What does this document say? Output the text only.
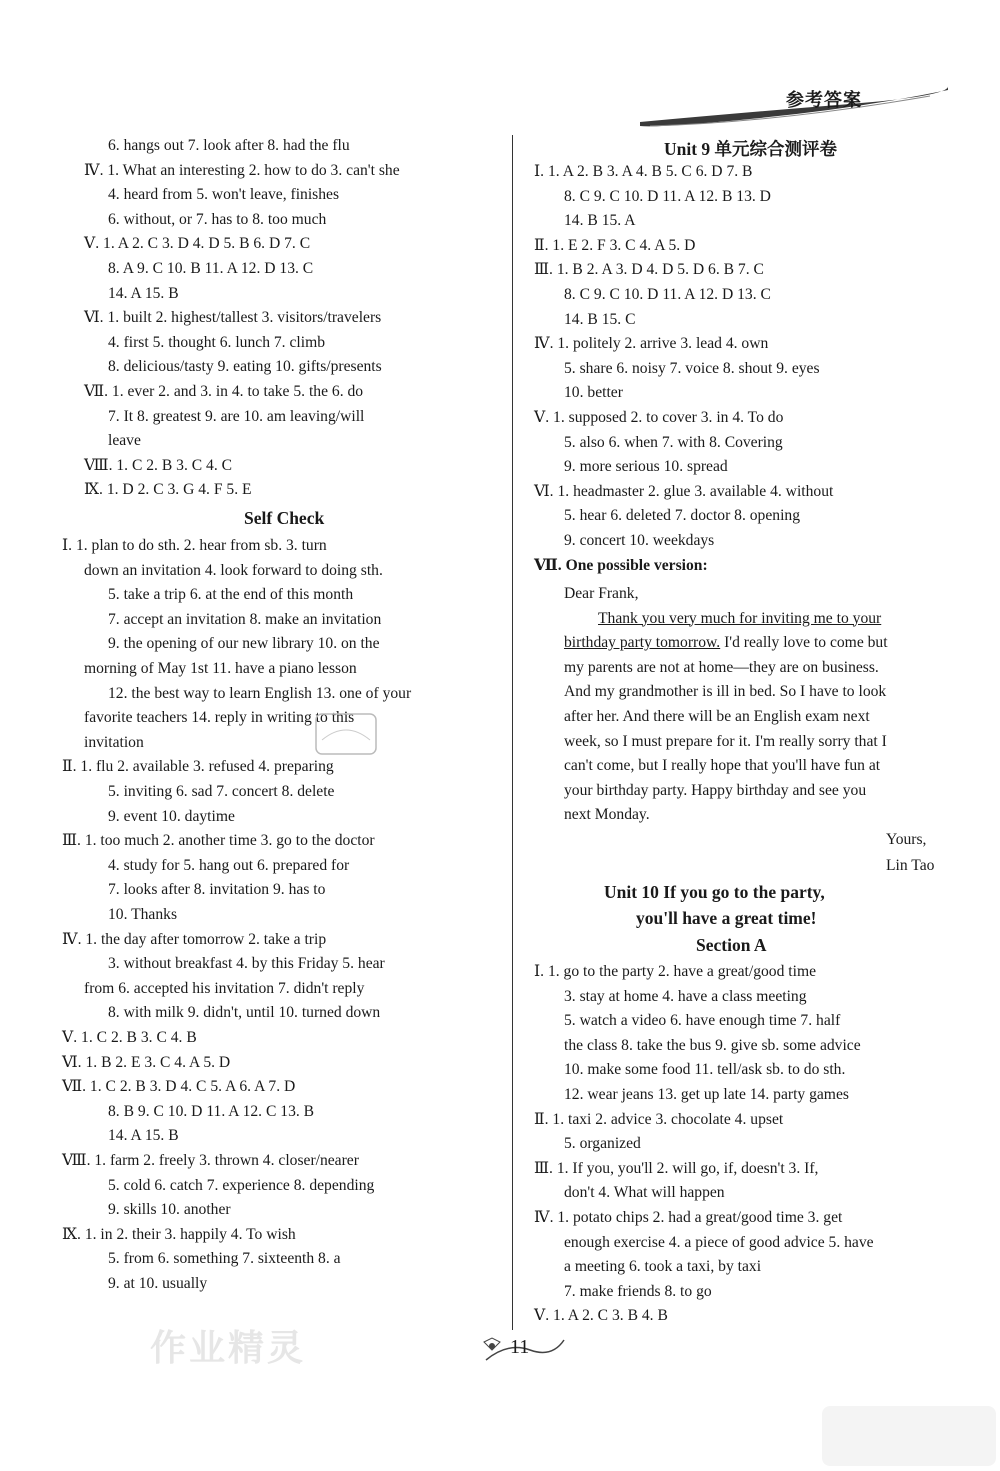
参考答案
6. hangs out 7. look after 8. had the flu
Ⅳ. 1. What an interesting 2. how to do 3. can't she
4. heard from 5. won't leave, finishes
6. without, or 7. has to 8. too much
Ⅴ. 1. A 2. C 3. D 4. D 5. B 6. D 7. C
8. A 9. C 10. B 11. A 12. D 13. C
14. A 15. B
Ⅵ. 1. built 2. highest/tallest 3. visitors/travelers
4. first 5. thought 6. lunch 7. climb
8. delicious/tasty 9. eating 10. gifts/presents
Ⅶ. 1. ever 2. and 3. in 4. to take 5. the 6. do
7. It 8. greatest 9. are 10. am leaving/will
leave
Ⅷ. 1. C 2. B 3. C 4. C
Ⅸ. 1. D 2. C 3. G 4. F 5. E
Self Check
Ⅰ. 1. plan to do sth. 2. hear from sb. 3. turn
down an invitation 4. look forward to doing sth.
5. take a trip 6. at the end of this month
7. accept an invitation 8. make an invitation
9. the opening of our new library 10. on the
morning of May 1st 11. have a piano lesson
12. the best way to learn English 13. one of your
favorite teachers 14. reply in writing to this
invitation
Ⅱ. 1. flu 2. available 3. refused 4. preparing
5. inviting 6. sad 7. concert 8. delete
9. event 10. daytime
Ⅲ. 1. too much 2. another time 3. go to the doctor
4. study for 5. hang out 6. prepared for
7. looks after 8. invitation 9. has to
10. Thanks
Ⅳ. 1. the day after tomorrow 2. take a trip
3. without breakfast 4. by this Friday 5. hear
from 6. accepted his invitation 7. didn't reply
8. with milk 9. didn't, until 10. turned down
Ⅴ. 1. C 2. B 3. C 4. B
Ⅵ. 1. B 2. E 3. C 4. A 5. D
Ⅶ. 1. C 2. B 3. D 4. C 5. A 6. A 7. D
8. B 9. C 10. D 11. A 12. C 13. B
14. A 15. B
Ⅷ. 1. farm 2. freely 3. thrown 4. closer/nearer
5. cold 6. catch 7. experience 8. depending
9. skills 10. another
Ⅸ. 1. in 2. their 3. happily 4. To wish
5. from 6. something 7. sixteenth 8. a
9. at 10. usually
Unit 9 单元综合测评卷
Ⅰ. 1. A 2. B 3. A 4. B 5. C 6. D 7. B
8. C 9. C 10. D 11. A 12. B 13. D
14. B 15. A
Ⅱ. 1. E 2. F 3. C 4. A 5. D
Ⅲ. 1. B 2. A 3. D 4. D 5. D 6. B 7. C
8. C 9. C 10. D 11. A 12. D 13. C
14. B 15. C
Ⅳ. 1. politely 2. arrive 3. lead 4. own
5. share 6. noisy 7. voice 8. shout 9. eyes
10. better
Ⅴ. 1. supposed 2. to cover 3. in 4. To do
5. also 6. when 7. with 8. Covering
9. more serious 10. spread
Ⅵ. 1. headmaster 2. glue 3. available 4. without
5. hear 6. deleted 7. doctor 8. opening
9. concert 10. weekdays
Ⅶ. One possible version:
Dear Frank,
Thank you very much for inviting me to your
birthday party tomorrow. I'd really love to come but
my parents are not at home—they are on business.
And my grandmother is ill in bed. So I have to look
after her. And there will be an English exam next
week, so I must prepare for it. I'm really sorry that I
can't come, but I really hope that you'll have fun at
your birthday party. Happy birthday and see you
next Monday.
Yours,
Lin Tao
Unit 10 If you go to the party,
you'll have a great time!
Section A
Ⅰ. 1. go to the party 2. have a great/good time
3. stay at home 4. have a class meeting
5. watch a video 6. have enough time 7. half
the class 8. take the bus 9. give sb. some advice
10. make some food 11. tell/ask sb. to do sth.
12. wear jeans 13. get up late 14. party games
Ⅱ. 1. taxi 2. advice 3. chocolate 4. upset
5. organized
Ⅲ. 1. If you, you'll 2. will go, if, doesn't 3. If,
don't 4. What will happen
Ⅳ. 1. potato chips 2. had a great/good time 3. get
enough exercise 4. a piece of good advice 5. have
a meeting 6. took a taxi, by taxi
7. make friends 8. to go
Ⅴ. 1. A 2. C 3. B 4. B
11
作业精灵
